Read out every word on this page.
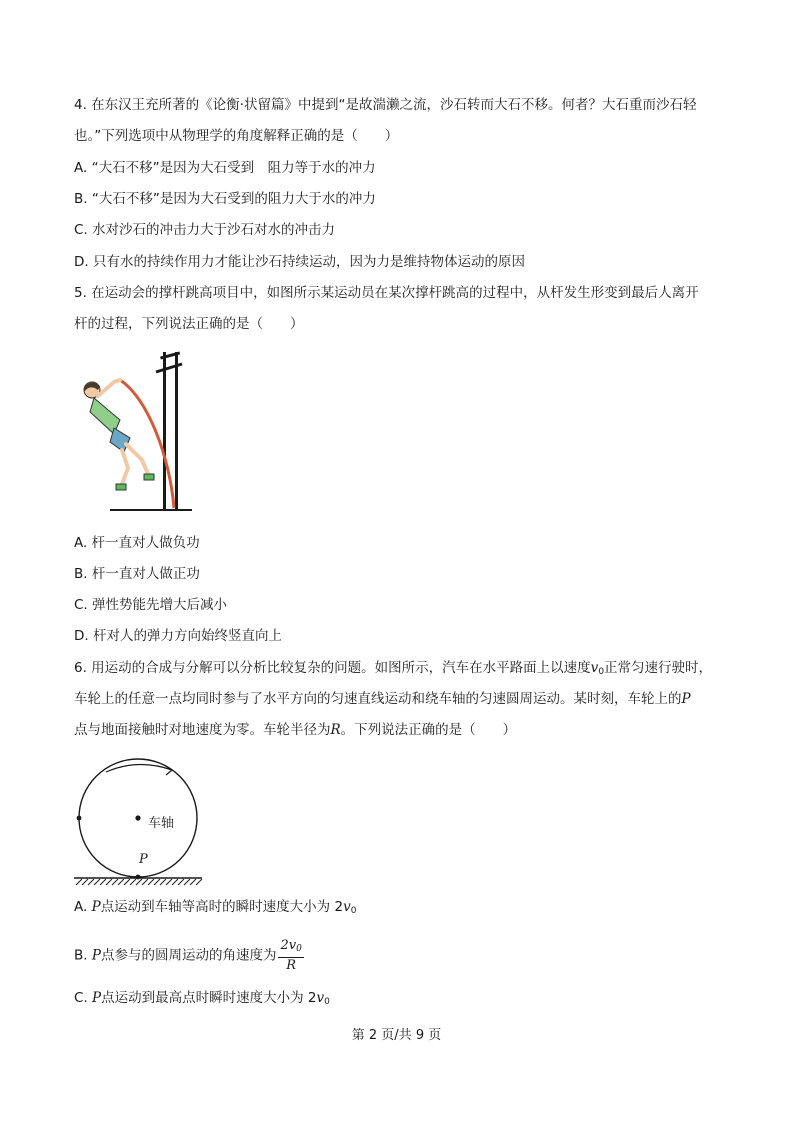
4. 在东汉王充所著的《论衡·状留篇》中提到“是故湍濑之流，沙石转而大石不移。何者？大石重而沙石轻
也。”下列选项中从物理学的角度解释正确的是（　　）
A. “大石不移”是因为大石受到　阻力等于水的冲力
B. “大石不移”是因为大石受到的阻力大于水的冲力
C. 水对沙石的冲击力大于沙石对水的冲击力
D. 只有水的持续作用力才能让沙石持续运动，因为力是维持物体运动的原因
5. 在运动会的撑杆跳高项目中，如图所示某运动员在某次撑杆跳高的过程中，从杆发生形变到最后人离开
杆的过程，下列说法正确的是（　　）
A. 杆一直对人做负功
B. 杆一直对人做正功
C. 弹性势能先增大后减小
D. 杆对人的弹力方向始终竖直向上
6. 用运动的合成与分解可以分析比较复杂的问题。如图所示，汽车在水平路面上以速度$v_0$正常匀速行驶时，
车轮上的任意一点均同时参与了水平方向的匀速直线运动和绕车轴的匀速圆周运动。某时刻，车轮上的P
点与地面接触时对地速度为零。车轮半径为R。下列说法正确的是（　　）
车轴
P
A. P点运动到车轴等高时的瞬时速度大小为 $2v_0$
B. P点参与的圆周运动的角速度为 $\frac{2v_0}{R}$
C. P点运动到最高点时瞬时速度大小为 $2v_0$
第 2 页/共 9 页
